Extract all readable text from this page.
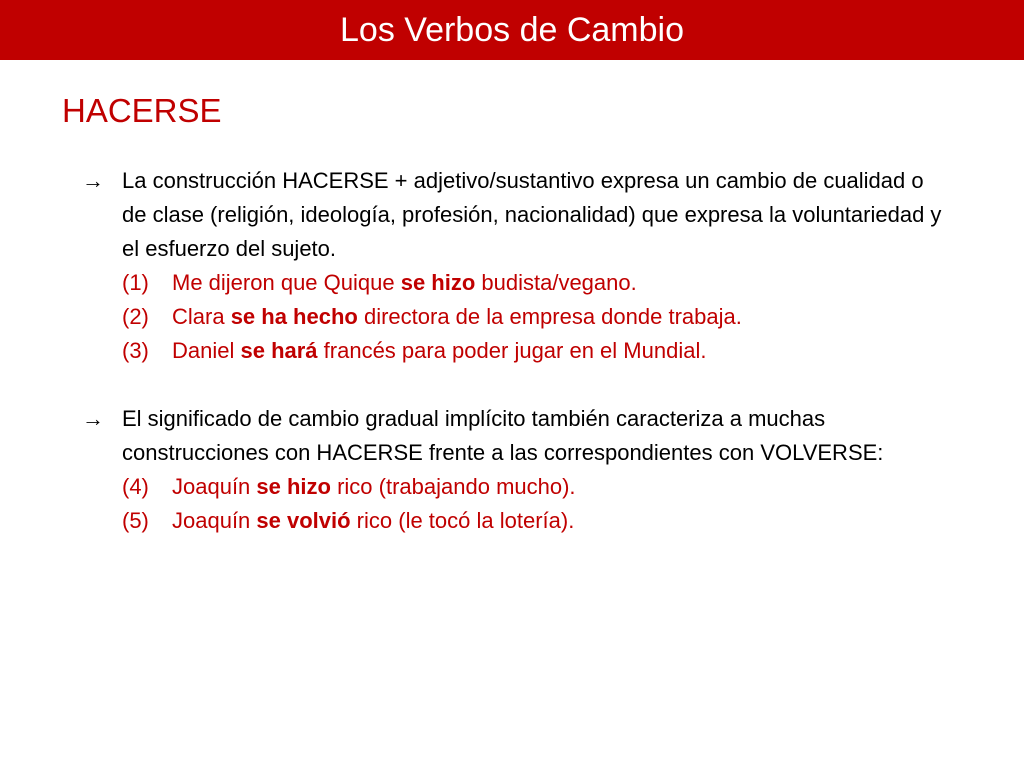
Los Verbos de Cambio
HACERSE
→ La construcción HACERSE + adjetivo/sustantivo expresa un cambio de cualidad o de clase (religión, ideología, profesión, nacionalidad) que expresa la voluntariedad y el esfuerzo del sujeto.
(1) Me dijeron que Quique se hizo budista/vegano.
(2) Clara se ha hecho directora de la empresa donde trabaja.
(3) Daniel se hará francés para poder jugar en el Mundial.
→ El significado de cambio gradual implícito también caracteriza a muchas construcciones con HACERSE frente a las correspondientes con VOLVERSE:
(4) Joaquín se hizo rico (trabajando mucho).
(5) Joaquín se volvió rico (le tocó la lotería).
